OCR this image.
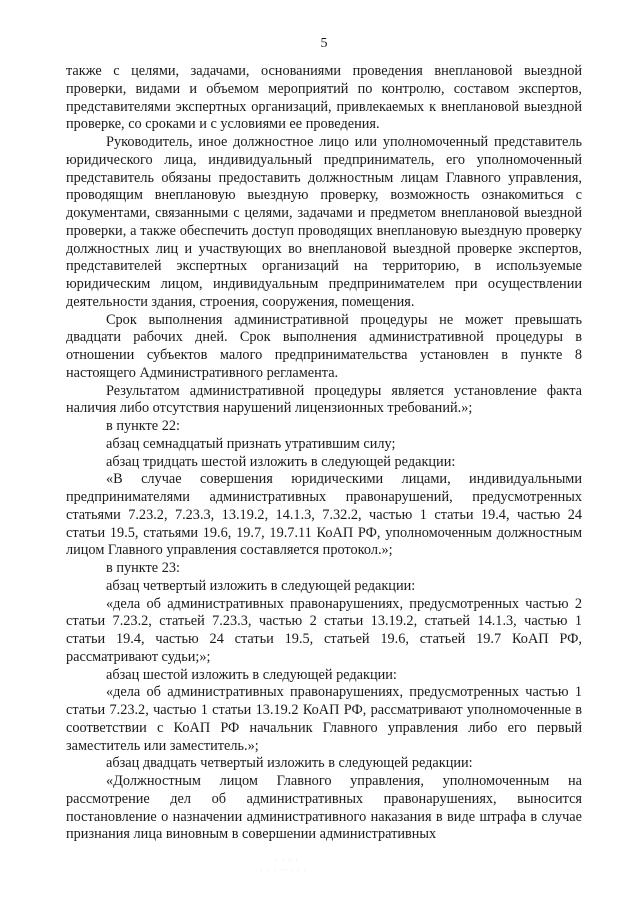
5

также с целями, задачами, основаниями проведения внеплановой выездной проверки, видами и объемом мероприятий по контролю, составом экспертов, представителями экспертных организаций, привлекаемых к внеплановой выездной проверке, со сроками и с условиями ее проведения.

Руководитель, иное должностное лицо или уполномоченный представитель юридического лица, индивидуальный предприниматель, его уполномоченный представитель обязаны предоставить должностным лицам Главного управления, проводящим внеплановую выездную проверку, возможность ознакомиться с документами, связанными с целями, задачами и предметом внеплановой выездной проверки, а также обеспечить доступ проводящих внеплановую выездную проверку должностных лиц и участвующих во внеплановой выездной проверке экспертов, представителей экспертных организаций на территорию, в используемые юридическим лицом, индивидуальным предпринимателем при осуществлении деятельности здания, строения, сооружения, помещения.

Срок выполнения административной процедуры не может превышать двадцати рабочих дней. Срок выполнения административной процедуры в отношении субъектов малого предпринимательства установлен в пункте 8 настоящего Административного регламента.

Результатом административной процедуры является установление факта наличия либо отсутствия нарушений лицензионных требований.»;

в пункте 22:

абзац семнадцатый признать утратившим силу;

абзац тридцать шестой изложить в следующей редакции:

«В случае совершения юридическими лицами, индивидуальными предпринимателями административных правонарушений, предусмотренных статьями 7.23.2, 7.23.3, 13.19.2, 14.1.3, 7.32.2, частью 1 статьи 19.4, частью 24 статьи 19.5, статьями 19.6, 19.7, 19.7.11 КоАП РФ, уполномоченным должностным лицом Главного управления составляется протокол.»;

в пункте 23:

абзац четвертый изложить в следующей редакции:

«дела об административных правонарушениях, предусмотренных частью 2 статьи 7.23.2, статьей 7.23.3, частью 2 статьи 13.19.2, статьей 14.1.3, частью 1 статьи 19.4, частью 24 статьи 19.5, статьей 19.6, статьей 19.7 КоАП РФ, рассматривают судьи;»;

абзац шестой изложить в следующей редакции:

«дела об административных правонарушениях, предусмотренных частью 1 статьи 7.23.2, частью 1 статьи 13.19.2 КоАП РФ, рассматривают уполномоченные в соответствии с КоАП РФ начальник Главного управления либо его первый заместитель или заместитель.»;

абзац двадцать четвертый изложить в следующей редакции:

«Должностным лицом Главного управления, уполномоченным на рассмотрение дел об административных правонарушениях, выносится постановление о назначении административного наказания в виде штрафа в случае признания лица виновным в совершении административных

· · · ·
· · · ·· · · ·
